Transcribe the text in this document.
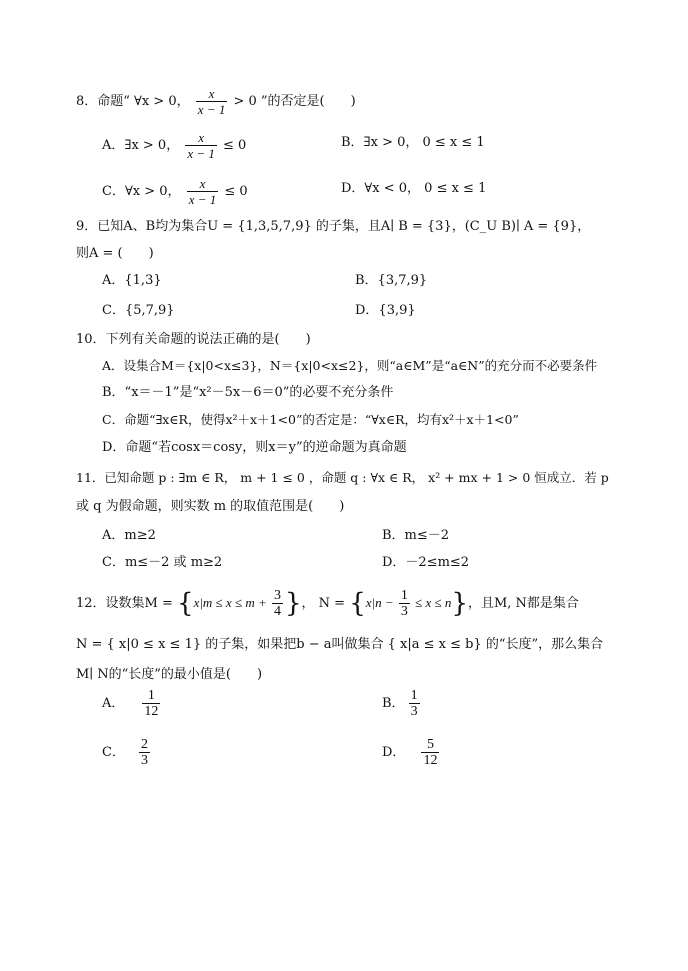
8．命题“ ∀x > 0， $\frac{x}{x - 1} > 0$ ”的否定是(　　)
A．∃x > 0， $\frac{x}{x - 1} \le 0$	B．∃x > 0， 0 ≤ x ≤ 1
C．∀x > 0， $\frac{x}{x - 1} \le 0$	D．∀x < 0， 0 ≤ x ≤ 1
9．已知A、B均为集合U = {1,3,5,7,9} 的子集，且A∣ B = {3}，(C_U B)∣ A = {9}，
则A = (　　)
A．{1,3}	B．{3,7,9}
C．{5,7,9}	D．{3,9}
10．下列有关命题的说法正确的是(　　)
A．设集合M＝{x|0<x≤3}，N＝{x|0<x≤2}，则“a∈M”是“a∈N”的充分而不必要条件
B．“x＝－1”是“x²－5x－6＝0”的必要不充分条件
C．命题“∃x∈R，使得x²＋x＋1<0”的否定是：“∀x∈R，均有x²＋x＋1<0”
D．命题“若cosx＝cosy，则x＝y”的逆命题为真命题
11．已知命题 p : ∃m ∈ R， m + 1 ≤ 0 ，命题 q : ∀x ∈ R， x² + mx + 1 > 0 恒成立．若 p
或 q 为假命题，则实数 m 的取值范围是(　　)
A．m≥2	B．m≤－2
C．m≤－2 或 m≥2	D．－2≤m≤2
12．设数集$M = \{x|m \le x \le m + \frac{3}{4}$ }， $N = \{x|n - \frac{1}{3} \le x \le n\}$，且M, N都是集合
N = { x|0 ≤ x ≤ 1} 的子集，如果把b − a叫做集合 { x|a ≤ x ≤ b} 的“长度”，那么集合
M∣ N的“长度”的最小值是(　　)
A． $\frac{1}{12}$	B． $\frac{1}{3}$
C． $\frac{2}{3}$	D． $\frac{5}{12}$
